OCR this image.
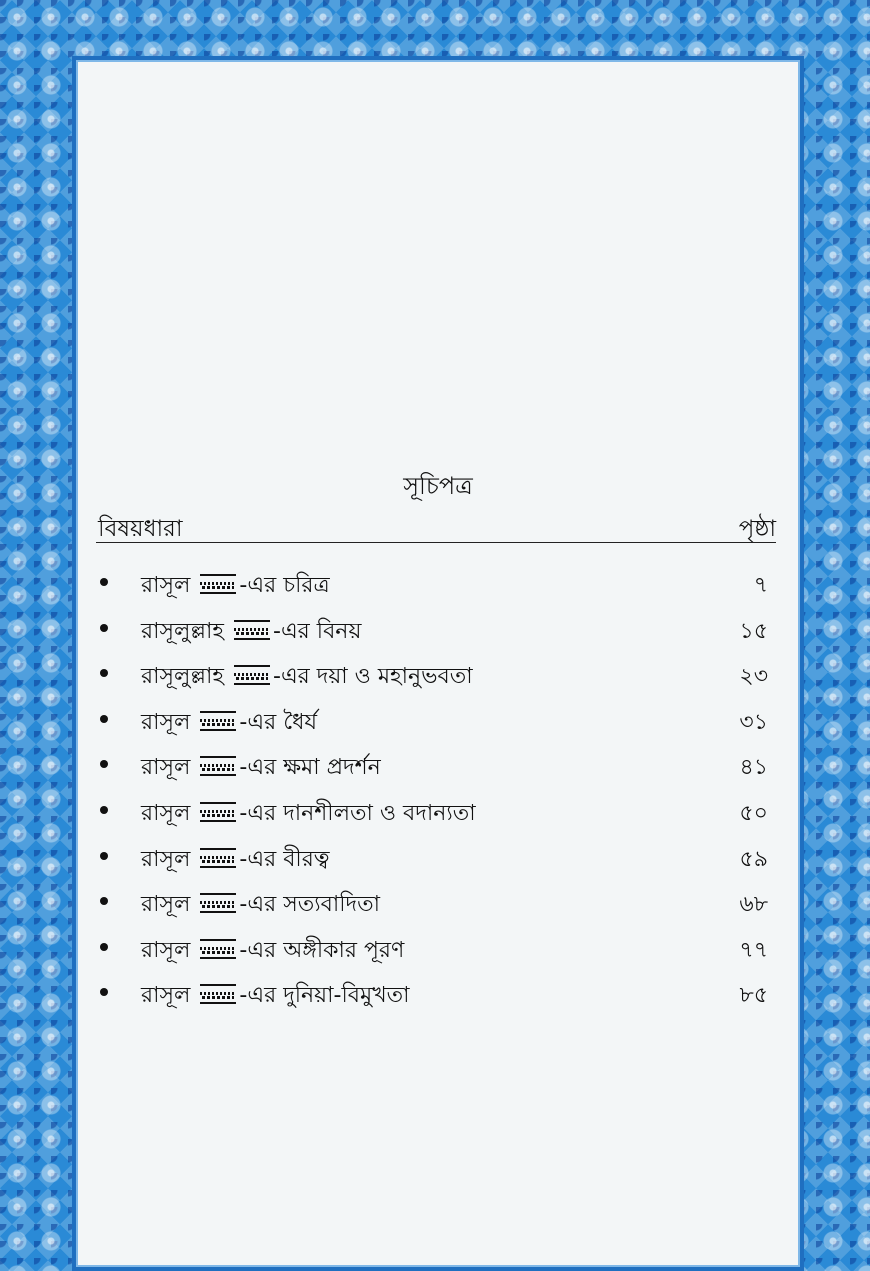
সূচিপত্র
বিষয়ধারা	পৃষ্ঠা
রাসূল -এর চরিত্র	৭
রাসূলুল্লাহ -এর বিনয়	১৫
রাসূলুল্লাহ -এর দয়া ও মহানুভবতা	২৩
রাসূল -এর ধৈর্য	৩১
রাসূল -এর ক্ষমা প্রদর্শন	৪১
রাসূল -এর দানশীলতা ও বদান্যতা	৫০
রাসূল -এর বীরত্ব	৫৯
রাসূল -এর সত্যবাদিতা	৬৮
রাসূল -এর অঙ্গীকার পূরণ	৭৭
রাসূল -এর দুনিয়া-বিমুখতা	৮৫
